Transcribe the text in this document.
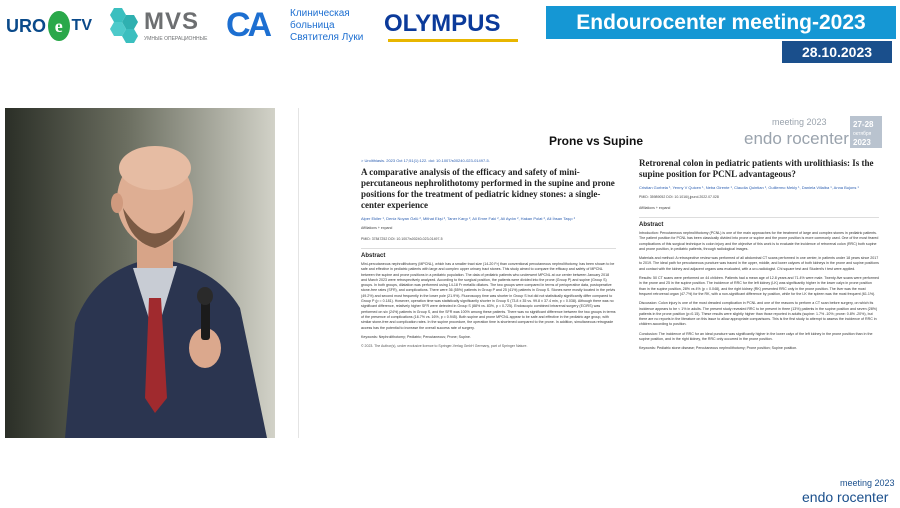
URO e TV MVS
УМНЫЕ ОПЕРАЦИОННЫЕ CA Клиническая
больница
Святителя Луки
OLYMPUS	Endourocenter meeting-2023
28.10.2023
Prone vs Supine
meeting 2023
endo rocenter
27-28
октября
2023
> Urolithiasis. 2023 Oct 17;51(1):122. doi: 10.1007/s00240-023-01497-5.
A comparative analysis of the efficacy and safety of mini-percutaneous nephrolithotomy performed in the supine and prone positions for the treatment of pediatric kidney stones: a single-center experience
Alper Ekiler ¹, Deniz Noyan Özlü ², Mithat Ekşi ², Taner Kargı ², Ali Emre Faki ², Ali Aydın ², Hakan Polat ², Ali İhsan Taşçı ²
Affiliations + expand
PMID: 37847252 DOI: 10.1007/s00240-023-01497-5
Abstract
Mini-percutaneous nephrolithotomy (MPCNL), which has a smaller tract size (14-20 Fr) than conventional percutaneous nephrolithotomy, has been shown to be safe and effective in pediatric patients with large and complex upper urinary tract stones. This study aimed to compare the efficacy and safety of MPCNL between the supine and prone positions in a pediatric population. The data of pediatric patients who underwent MPCNL at our center between January 2018 and March 2023 were retrospectively analyzed. According to the surgical position, the patients were divided into the prone (Group P) and supine (Group S) groups. In both groups, dilatation was performed using 14-18 Fr metallic dilators. The two groups were compared in terms of perioperative data, postoperative stone-free rates (SFR), and complications. There were 36 (55%) patients in Group P and 25 (41%) patients in Group S. Stones were mostly located in the pelvis (49.2%) and second most frequently in the lower pole (21.9%). Fluoroscopy time was shorter in Group S but did not statistically significantly differ compared to Group P (p = 0.181). However, operation time was statistically significantly shorter in Group S (73.8 ± 35 vs. 99.8 ± 37.4 min, p = 0.038). Although there was no significant difference, relatively higher SFR were detected in Group S (88% vs. 83%, p = 0.725). Endoscopic combined intrarenal surgery (ECIRS) was performed on six (24%) patients in Group S, and the SFR was 100% among these patients. There was no significant difference between the two groups in terms of the presence of complications (16.7% vs. 16%, p = 0.945). Both supine and prone MPCNL appear to be safe and effective in the pediatric age group, with similar stone-free and complication rates. In the supine procedure, the operation time is shortened compared to the prone. In addition, simultaneous retrograde access has the potential to increase the overall success rate of surgery.
Keywords: Nephrolithotomy; Pediatric; Percutaneous; Prone; Supine.
© 2023. The Author(s), under exclusive licence to Springer-Verlag GmbH Germany, part of Springer Nature.
Retrorenal colon in pediatric patients with urolithiasis: Is the supine position for PCNL advantageous?
Cristian Gorbeia ¹, Yenny V Quicen ¹, Neba Girente ¹, Claudia Quintian ¹, Guillermo Mekly ¹, Daniela Villalba ¹, Anna Bujons ¹
PMID: 35989052 DOI: 10.1016/j.jpurol.2022.07.028
Affiliations + expand
Abstract
Introduction: Percutaneous nephrolithotomy (PCNL) is one of the main approaches for the treatment of large and complex stones in pediatric patients. The patient position for PCNL has been classically divided into prone or supine and the prone position is more commonly used. One of the most feared complications of this surgical technique is colon injury and the objective of this work is to evaluate the incidence of retrorenal colon (RRC) both supine and prone position, in pediatric patients, through radiological images.
Materials and method: A retrospective review was performed of all abdominal CT scans performed in one center, in patients under 18 years since 2017 to 2019. The ideal path for percutaneous puncture was traced in the upper, middle, and lower calyces of both kidneys in the prone and supine positions and contact with the kidney and adjacent organs was evaluated, with a uro-radiologist. Chi square test and Student's t test were applied.
Results: 50 CT scans were performed on 44 children. Patients had a mean age of 12.8 years and 71.4% were male. Twenty-five scans were performed in the prone and 25 in the supine position. The incidence of RRC for the left kidney (LK) was significantly higher in the lower calyx in prone position than in the supine position, 28% vs 4% (p = 0.048), and the right kidney (RK) presented RRC only in the prone position. The liver was the most frequent retrorenal organ (47.7%) for the RK, with a non-significant difference by position, while for the LK the spleen was the most frequent (61.1%).
Discussion: Colon injury is one of the most dreaded complication in PCNL and one of the reasons to perform a CT scan before surgery, on which its incidence appears to be < 1% in adults. The present study revealed RRC to be present in three (13%) patients in the supine position and seven (28%) patients in the prone position (p=0.15). These results were slightly higher than those reported in adults (supine: 1.7% -10%; prone: 0.8% -20%), but there are no reports in the literature on this issue to allow appropriate comparisons. This is the first study to attempt to assess the incidence of RRC in children according to position.
Conclusion: The incidence of RRC for an ideal puncture was significantly higher in the lower calyx of the left kidney in the prone position than in the supine position, and in the right kidney, the RRC only occurred in the prone position.
Keywords: Pediatric stone disease; Percutaneous nephrolithotomy; Prone position; Supine position.
meeting 2023
endo rocenter
